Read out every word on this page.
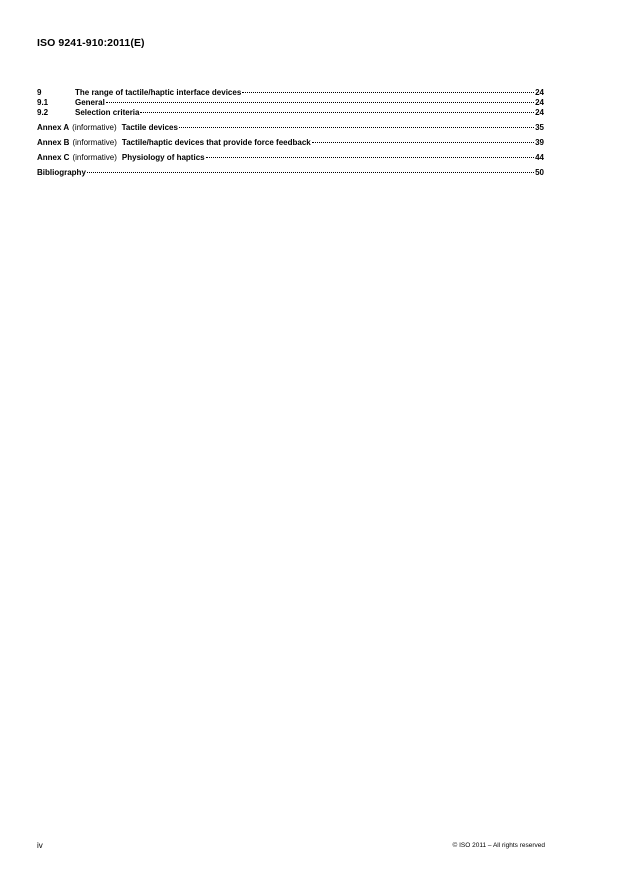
ISO 9241-910:2011(E)
9	The range of tactile/haptic interface devices	24
9.1	General	24
9.2	Selection criteria	24
Annex A (informative) Tactile devices	35
Annex B (informative) Tactile/haptic devices that provide force feedback	39
Annex C (informative) Physiology of haptics	44
Bibliography	50
iv	© ISO 2011 – All rights reserved
